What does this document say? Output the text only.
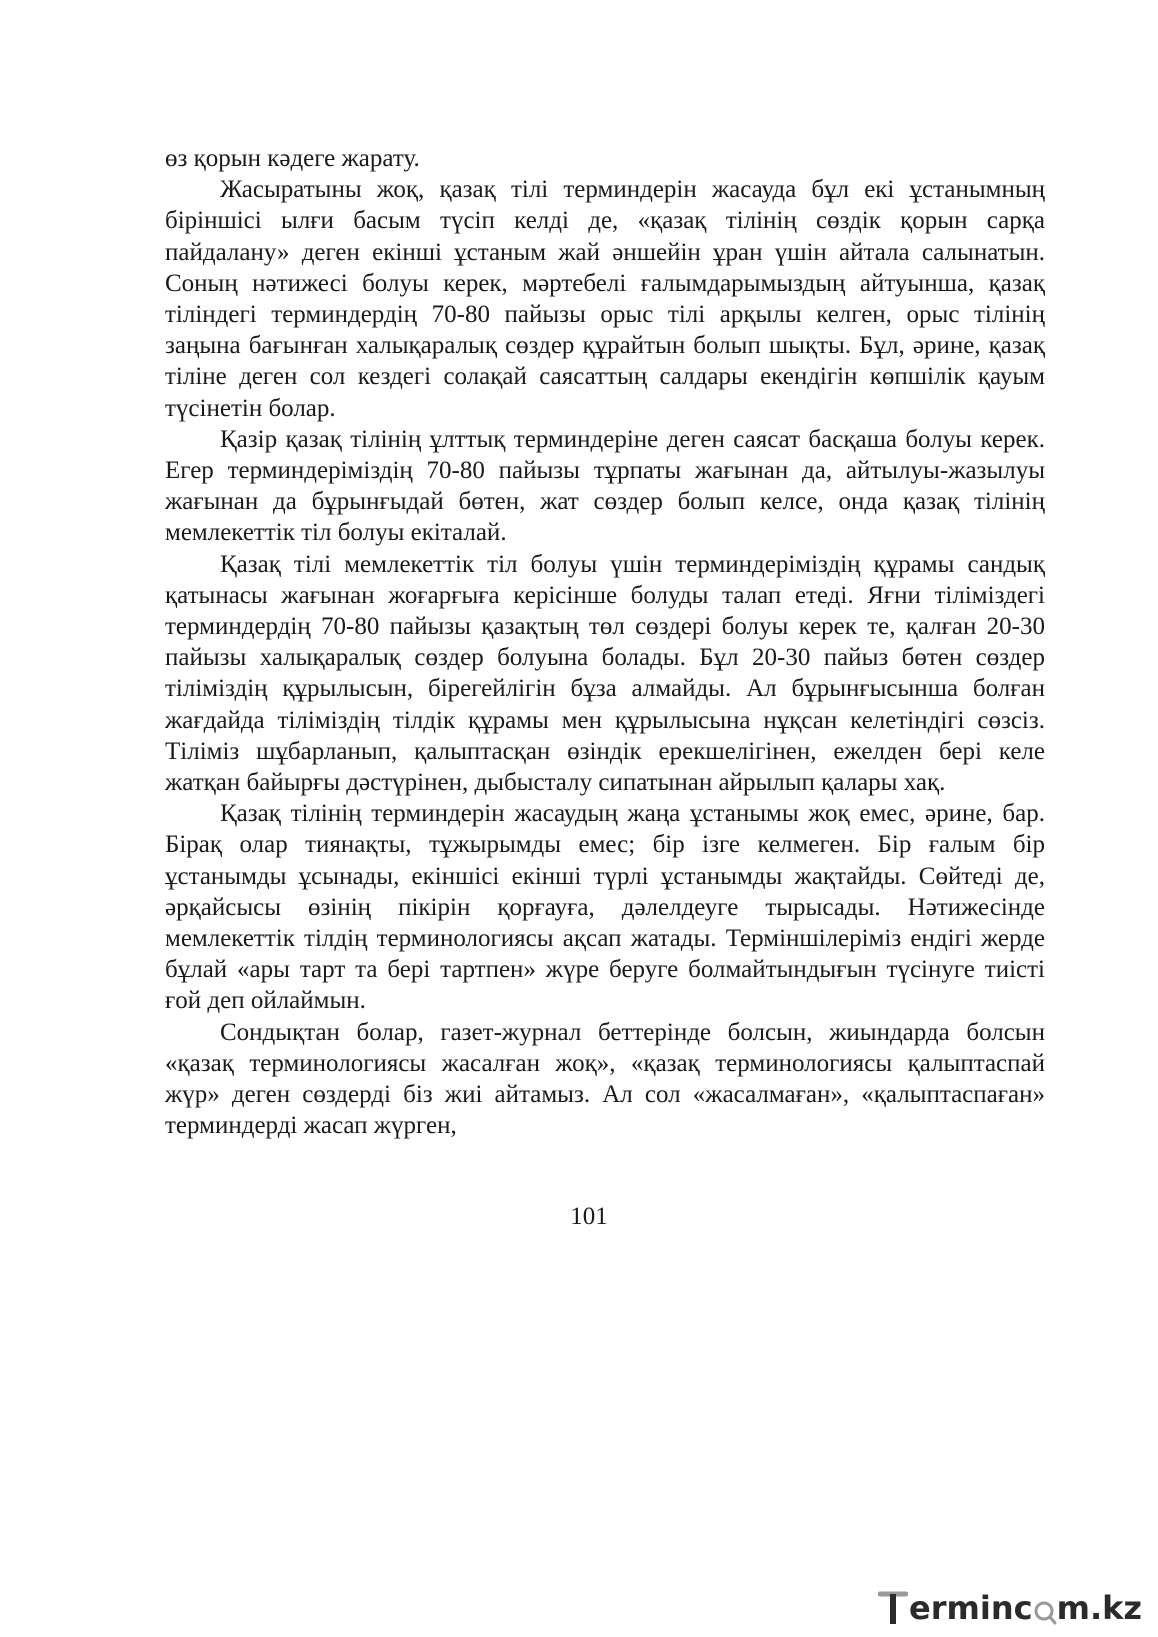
өз қорын кәдеге жарату.

Жасыратыны жоқ, қазақ тілі терминдерін жасауда бұл екі ұстанымның біріншісі ылғи басым түсіп келді де, «қазақ тілінің сөздік қорын сарқа пайдалану» деген екінші ұстаным жай әншейін ұран үшін айтала салынатын. Соның нәтижесі болуы керек, мәртебелі ғалымдарымыздың айтуынша, қазақ тіліндегі терминдердің 70-80 пайызы орыс тілі арқылы келген, орыс тілінің заңына бағынған халықаралық сөздер құрайтын болып шықты. Бұл, әрине, қазақ тіліне деген сол кездегі солақай саясаттың салдары екендігін көпшілік қауым түсінетін болар.

Қазір қазақ тілінің ұлттық терминдеріне деген саясат басқаша болуы керек. Егер терминдеріміздің 70-80 пайызы тұрпаты жағынан да, айтылуы-жазылуы жағынан да бұрынғыдай бөтен, жат сөздер болып келсе, онда қазақ тілінің мемлекеттік тіл болуы екіталай.

Қазақ тілі мемлекеттік тіл болуы үшін терминдеріміздің құрамы сандық қатынасы жағынан жоғарғыға керісінше болуды талап етеді. Яғни тіліміздегі терминдердің 70-80 пайызы қазақтың төл сөздері болуы керек те, қалған 20-30 пайызы халықаралық сөздер болуына болады. Бұл 20-30 пайыз бөтен сөздер тіліміздің құрылысын, бірегейлігін бұза алмайды. Ал бұрынғысынша болған жағдайда тіліміздің тілдік құрамы мен құрылысына нұқсан келетіндігі сөзсіз. Тіліміз шұбарланып, қалыптасқан өзіндік ерекшелігінен, ежелден бері келе жатқан байырғы дәстүрінен, дыбысталу сипатынан айрылып қалары хақ.

Қазақ тілінің терминдерін жасаудың жаңа ұстанымы жоқ емес, әрине, бар. Бірақ олар тиянақты, тұжырымды емес; бір ізге келмеген. Бір ғалым бір ұстанымды ұсынады, екіншісі екінші түрлі ұстанымды жақтайды. Сөйтеді де, әрқайсысы өзінің пікірін қорғауға, дәлелдеуге тырысады. Нәтижесінде мемлекеттік тілдің терминологиясы ақсап жатады. Терміншілеріміз ендігі жерде бұлай «ары тарт та бері тартпен» жүре беруге болмайтындығын түсінуге тиісті ғой деп ойлаймын.

Сондықтан болар, газет-журнал беттерінде болсын, жиындарда болсын «қазақ терминологиясы жасалған жоқ», «қазақ терминологиясы қалыптаспай жүр» деген сөздерді біз жиі айтамыз. Ал сол «жасалмаған», «қалыптаспаған» терминдерді жасап жүрген,

101
erminc m.kz
